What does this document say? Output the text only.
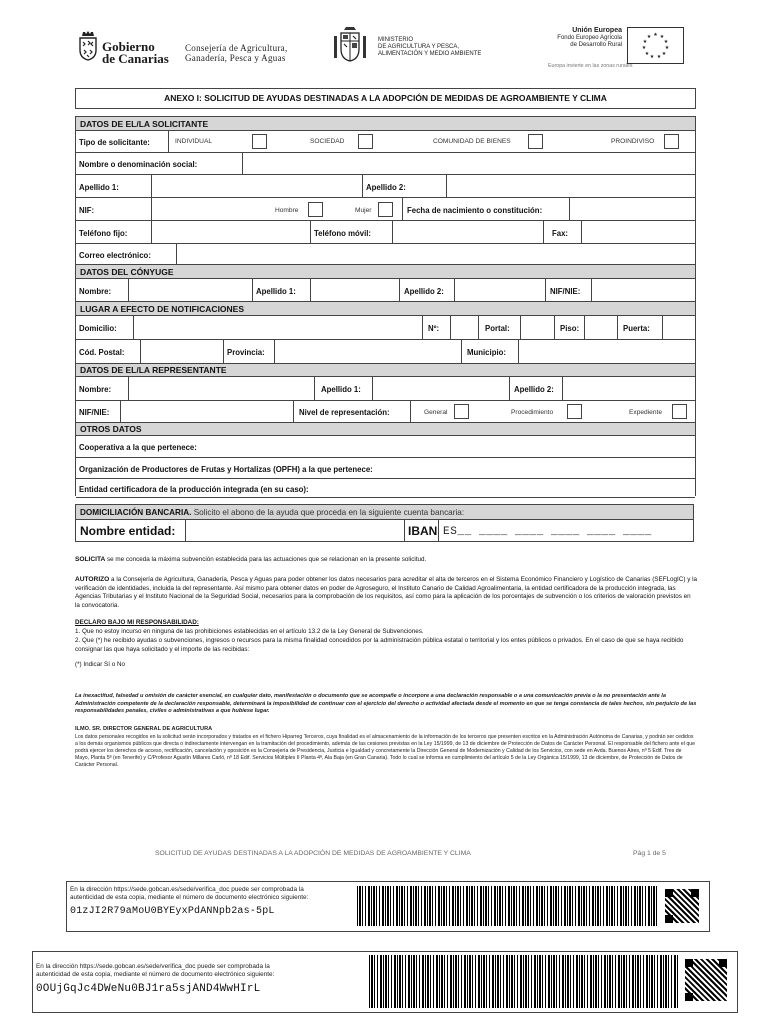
Gobierno
de Canarias
Consejería de Agricultura,
Ganadería, Pesca y Aguas
MINISTERIO
DE AGRICULTURA Y PESCA,
ALIMENTACIÓN Y MEDIO AMBIENTE
Unión Europea
Fondo Europeo Agrícola
de Desarrollo Rural
★ ★
★
★
★
★
★
★
★
★
★
Europa invierte en las zonas rurales
ANEXO I: SOLICITUD DE AYUDAS DESTINADAS A LA ADOPCIÓN DE MEDIDAS DE AGROAMBIENTE Y CLIMA
DATOS DE EL/LA SOLICITANTE
Tipo de solicitante:	INDIVIDUAL	SOCIEDAD	COMUNIDAD DE BIENES	PROINDIVISO
Nombre o denominación social:
Apellido 1:	Apellido 2:
NIF:	Hombre	Mujer	Fecha de nacimiento o constitución:
Teléfono fijo:	Teléfono móvil:	Fax:
Correo electrónico:
DATOS DEL CÓNYUGE
Nombre:	Apellido 1:	Apellido 2:	NIF/NIE:
LUGAR A EFECTO DE NOTIFICACIONES
Domicilio:	Nº:	Portal:	Piso:	Puerta:
Cód. Postal:	Provincia:	Municipio:
DATOS DE EL/LA REPRESENTANTE
Nombre:	Apellido 1:	Apellido 2:
NIF/NIE:	Nivel de representación:	General	Procedimiento	Expediente
OTROS DATOS
Cooperativa a la que pertenece:
Organización de Productores de Frutas y Hortalizas (OPFH) a la que pertenece:
Entidad certificadora de la producción integrada (en su caso):
DOMICILIACIÓN BANCARIA. Solicito el abono de la ayuda que proceda en la siguiente cuenta bancaria:
Nombre entidad:	IBAN ES__ ____ ____ ____ ____ ____
SOLICITA se me conceda la máxima subvención establecida para las actuaciones que se relacionan en la presente solicitud.
AUTORIZO a la Consejería de Agricultura, Ganadería, Pesca y Aguas para poder obtener los datos necesarios para acreditar el alta de terceros en el Sistema Económico Financiero y Logístico de Canarias (SEFLogIC) y la verificación de identidades, incluida la del representante. Así mismo para obtener datos en poder de Agroseguro, el Instituto Canario de Calidad Agroalimentaria, la entidad certificadora de la producción integrada, las Agencias Tributarias y el Instituto Nacional de la Seguridad Social, necesarios para la comprobación de los requisitos, así como para la aplicación de los porcentajes de subvención o los criterios de valoración previstos en la convocatoria.
DECLARO BAJO MI RESPONSABILIDAD:
1. Que no estoy incurso en ninguna de las prohibiciones establecidas en el artículo 13.2 de la Ley General de Subvenciones.
2. Que (*) he recibido ayudas o subvenciones, ingresos o recursos para la misma finalidad concedidos por la administración pública estatal o territorial y los entes públicos o privados. En el caso de que se haya recibido consignar las que haya solicitado y el importe de las recibidas:
(*) Indicar Sí o No
La inexactitud, falsedad u omisión de carácter esencial, en cualquier dato, manifestación o documento que se acompañe o incorpore a una declaración responsable o a una comunicación previa o la no presentación ante la Administración competente de la declaración responsable, determinará la imposibilidad de continuar con el ejercicio del derecho o actividad afectada desde el momento en que se tenga constancia de tales hechos, sin perjuicio de las responsabilidades penales, civiles o administrativas a que hubiese lugar.
ILMO. SR. DIRECTOR GENERAL DE AGRICULTURA
Los datos personales recogidos en la solicitud serán incorporados y tratados en el fichero Hiparreg Terceros, cuya finalidad es el almacenamiento de la información de los terceros que presenten escritos en la Administración Autónoma de Canarias, y podrán ser cedidos a los demás organismos públicos que directa o indirectamente intervengan en la tramitación del procedimiento, además de las cesiones previstas en la Ley 15/1999, de 13 de diciembre de Protección de Datos de Carácter Personal. El responsable del fichero ante el que podrá ejercer los derechos de acceso, rectificación, cancelación y oposición es la Consejería de Presidencia, Justicia e Igualdad y concretamente la Dirección General de Modernización y Calidad de los Servicios, con sede en Avda. Buenos Aires, nº 5 Edif. Tres de Mayo, Planta 5ª (en Tenerife) y C/Profesor Agustín Millares Carló, nº 18 Edif. Servicios Múltiples II Planta 4ª, Ala Baja (en Gran Canaria). Todo lo cual se informa en cumplimiento del artículo 5 de la Ley Orgánica 15/1999, 13 de diciembre, de Protección de Datos de Carácter Personal.
SOLICITUD DE AYUDAS DESTINADAS A LA ADOPCIÓN DE MEDIDAS DE AGROAMBIENTE Y CLIMA	Pág 1 de 5
En la dirección https://sede.gobcan.es/sede/verifica_doc puede ser comprobada la
autenticidad de esta copia, mediante el número de documento electrónico siguiente:
01zJI2R79aMoU0BYEyxPdANNpb2as-5pL
En la dirección https://sede.gobcan.es/sede/verifica_doc puede ser comprobada la
autenticidad de esta copia, mediante el número de documento electrónico siguiente:
0OUjGqJc4DWeNu0BJ1ra5sjAND4WwHIrL
